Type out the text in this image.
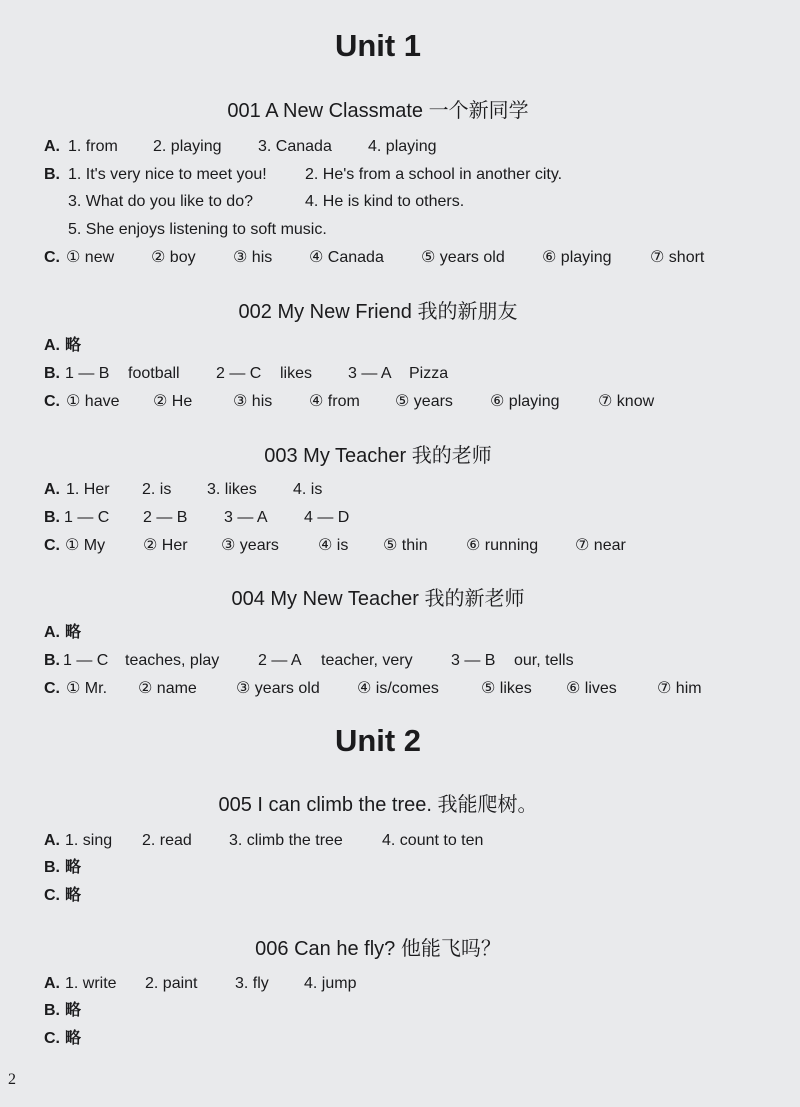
Unit 1
001 A New Classmate 一个新同学
A. 1. from 2. playing 3. Canada 4. playing
B. 1. It's very nice to meet you! 2. He's from a school in another city.
3. What do you like to do?	4. He is kind to others.
5. She enjoys listening to soft music.
C. ① new ② boy ③ his ④ Canada ⑤ years old ⑥ playing ⑦ short
002 My New Friend 我的新朋友
A. 略
B. 1 — B football 2 — C likes 3 — A Pizza
C. ① have ② He	③ his ④ from ⑤ years ⑥ playing ⑦ know
003 My Teacher 我的老师
A. 1. Her 2. is 3. likes 4. is
B. 1 — C 2 — B 3 — A 4 — D
C. ① My ② Her ③ years ④ is ⑤ thin ⑥ running ⑦ near
004 My New Teacher 我的新老师
A. 略
B. 1 — C teaches, play 2 — A teacher, very 3 — B our, tells
C. ① Mr. ② name ③ years old ④ is/comes	⑤ likes ⑥ lives	⑦ him
Unit 2
005 I can climb the tree. 我能爬树。
A. 1. sing 2. read 3. climb the tree 4. count to ten
B. 略
C. 略
006 Can he fly? 他能飞吗？
A. 1. write 2. paint 3. fly 4. jump
B. 略
C. 略
2
